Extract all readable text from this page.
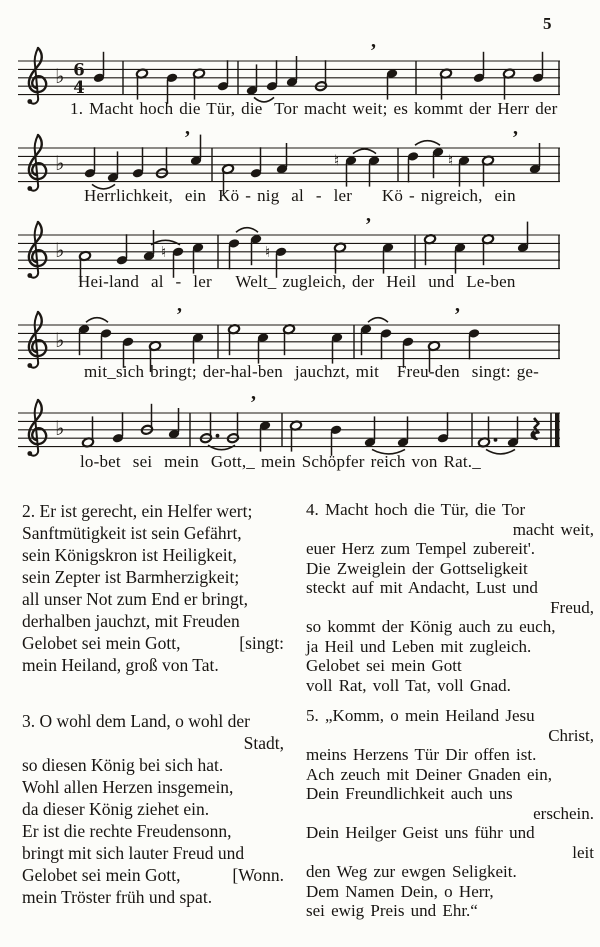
5
♭ 6
4
’
♭
’
♮	♮
’
♭	♮	♮
’
♭
’	’
♭
’
1. Macht hoch die Tür, die  Tor macht weit; es kommt der Herr der
Herrlichkeit,  ein  Kö - nig  al  -  ler     Kö - nigreich,  ein
Hei-land  al  -  ler    Welt_ zugleich, der  Heil  und  Le-ben
mit_sich bringt; der-hal-ben  jauchzt, mit   Freu-den  singt: ge-
lo-bet  sei  mein  Gott,_ mein Schöpfer reich von Rat._
2. Er ist gerecht, ein Helfer wert;
Sanftmütigkeit ist sein Gefährt,
sein Königskron ist Heiligkeit,
sein Zepter ist Barmherzigkeit;
all unser Not zum End er bringt,
derhalben jauchzt, mit Freuden
Gelobet sei mein Gott,	[singt:
mein Heiland, groß von Tat.
3. O wohl dem Land, o wohl der
Stadt,
so diesen König bei sich hat.
Wohl allen Herzen insgemein,
da dieser König ziehet ein.
Er ist die rechte Freudensonn,
bringt mit sich lauter Freud und
Gelobet sei mein Gott,	[Wonn.
mein Tröster früh und spat.
4. Macht hoch die Tür, die Tor
macht weit,
euer Herz zum Tempel zubereit'.
Die Zweiglein der Gottseligkeit
steckt auf mit Andacht, Lust und
Freud,
so kommt der König auch zu euch,
ja Heil und Leben mit zugleich.
Gelobet sei mein Gott
voll Rat, voll Tat, voll Gnad.
5. „Komm, o mein Heiland Jesu
Christ,
meins Herzens Tür Dir offen ist.
Ach zeuch mit Deiner Gnaden ein,
Dein Freundlichkeit auch uns
erschein.
Dein Heilger Geist uns führ und
leit
den Weg zur ewgen Seligkeit.
Dem Namen Dein, o Herr,
sei ewig Preis und Ehr.“
